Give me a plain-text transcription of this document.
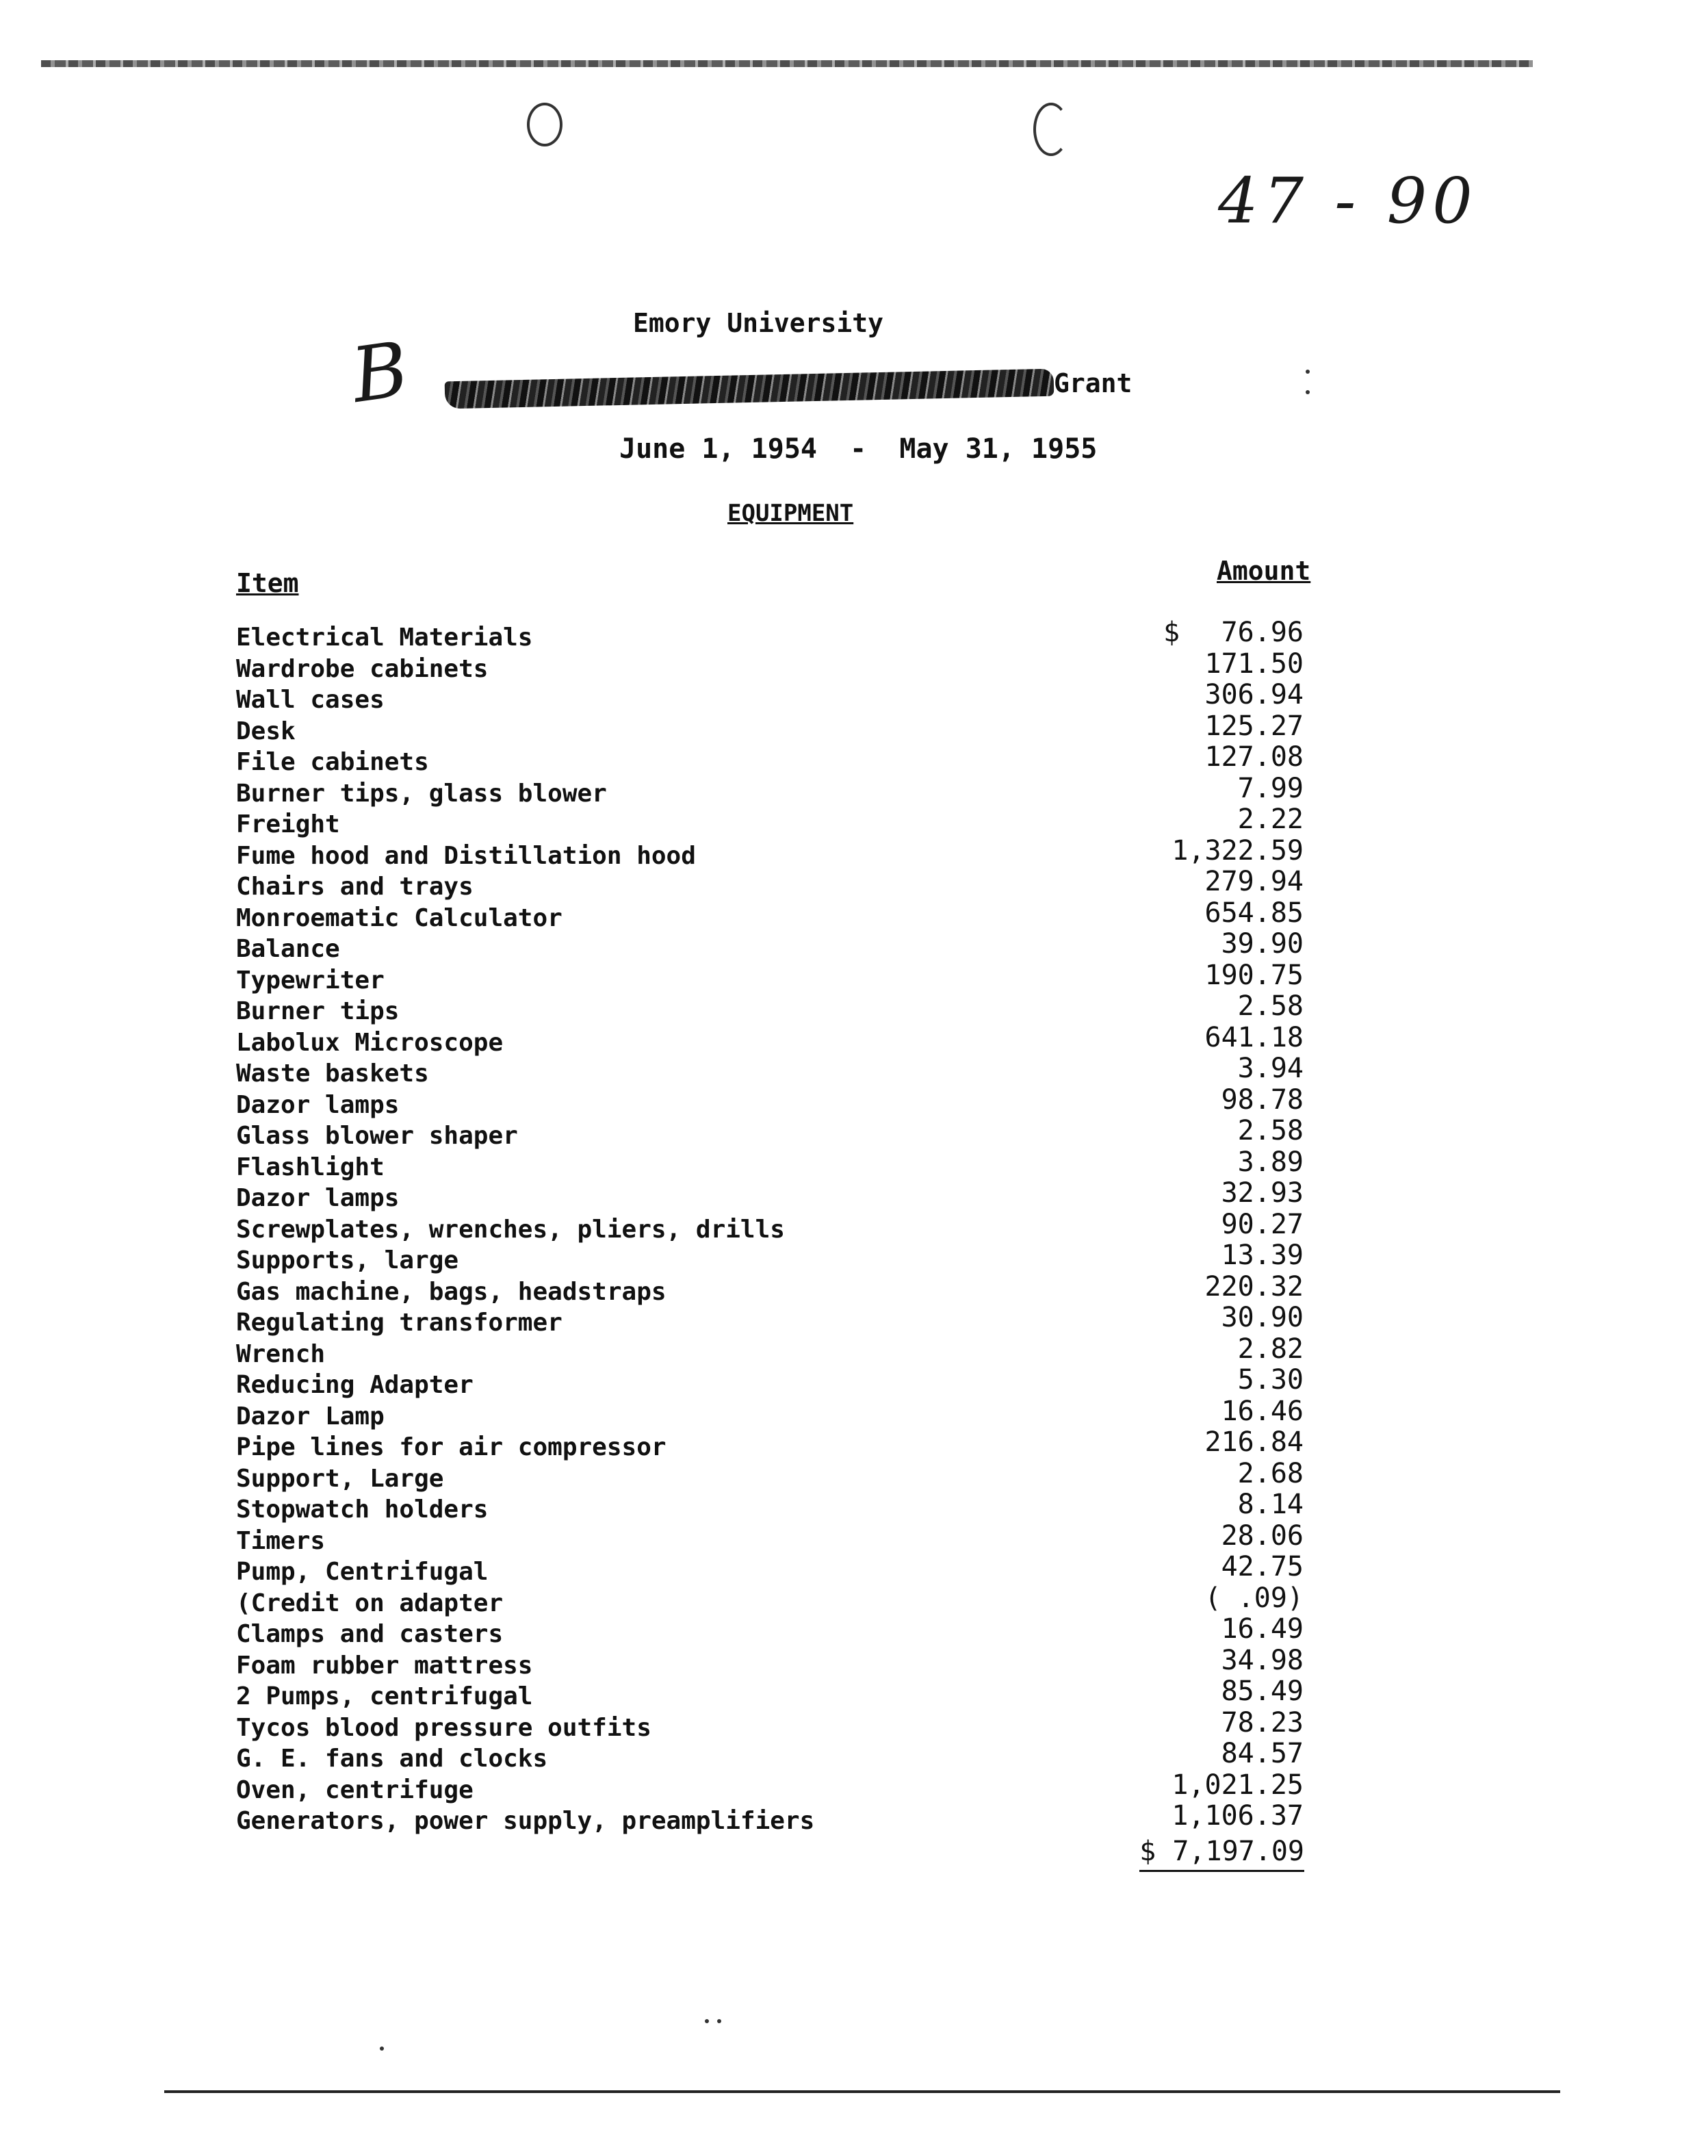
47 - 90
B
Emory University
Grant
June 1, 1954  -  May 31, 1955
EQUIPMENT
Item	Amount
$
Electrical Materials	76.96
Wardrobe cabinets	171.50
Wall cases	306.94
Desk	125.27
File cabinets	127.08
Burner tips, glass blower	7.99
Freight	2.22
Fume hood and Distillation hood	1,322.59
Chairs and trays	279.94
Monroematic Calculator	654.85
Balance	39.90
Typewriter	190.75
Burner tips	2.58
Labolux Microscope	641.18
Waste baskets	3.94
Dazor lamps	98.78
Glass blower shaper	2.58
Flashlight	3.89
Dazor lamps	32.93
Screwplates, wrenches, pliers, drills	90.27
Supports, large	13.39
Gas machine, bags, headstraps	220.32
Regulating transformer	30.90
Wrench	2.82
Reducing Adapter	5.30
Dazor Lamp	16.46
Pipe lines for air compressor	216.84
Support, Large	2.68
Stopwatch holders	8.14
Timers	28.06
Pump, Centrifugal	42.75
(Credit on adapter	( .09)
Clamps and casters	16.49
Foam rubber mattress	34.98
2 Pumps, centrifugal	85.49
Tycos blood pressure outfits	78.23
G. E. fans and clocks	84.57
Oven, centrifuge	1,021.25
Generators, power supply, preamplifiers	1,106.37
$ 7,197.09
